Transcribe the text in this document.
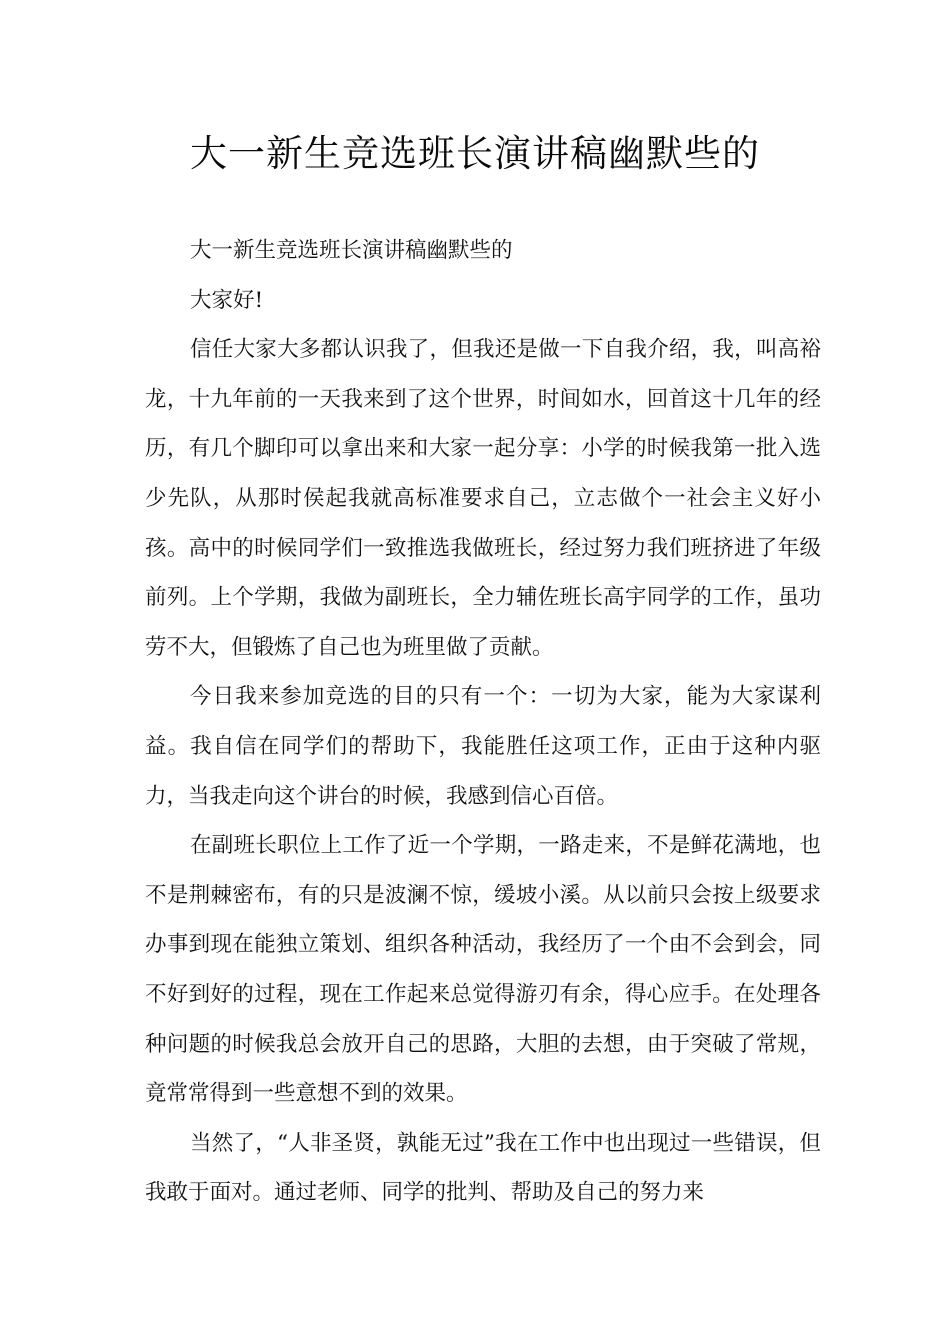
大一新生竞选班长演讲稿幽默些的

大一新生竞选班长演讲稿幽默些的

大家好!

信任大家大多都认识我了，但我还是做一下自我介绍，我，叫高裕龙，十九年前的一天我来到了这个世界，时间如水，回首这十几年的经历，有几个脚印可以拿出来和大家一起分享：小学的时候我第一批入选少先队，从那时侯起我就高标准要求自己，立志做个一社会主义好小孩。高中的时候同学们一致推选我做班长，经过努力我们班挤进了年级前列。上个学期，我做为副班长，全力辅佐班长高宇同学的工作，虽功劳不大，但锻炼了自己也为班里做了贡献。

今日我来参加竞选的目的只有一个：一切为大家，能为大家谋利益。我自信在同学们的帮助下，我能胜任这项工作，正由于这种内驱力，当我走向这个讲台的时候，我感到信心百倍。

在副班长职位上工作了近一个学期，一路走来，不是鲜花满地，也不是荆棘密布，有的只是波澜不惊，缓坡小溪。从以前只会按上级要求办事到现在能独立策划、组织各种活动，我经历了一个由不会到会，同不好到好的过程，现在工作起来总觉得游刃有余，得心应手。在处理各种问题的时候我总会放开自己的思路，大胆的去想，由于突破了常规，竟常常得到一些意想不到的效果。

当然了，“人非圣贤，孰能无过”我在工作中也出现过一些错误，但我敢于面对。通过老师、同学的批判、帮助及自己的努力来
